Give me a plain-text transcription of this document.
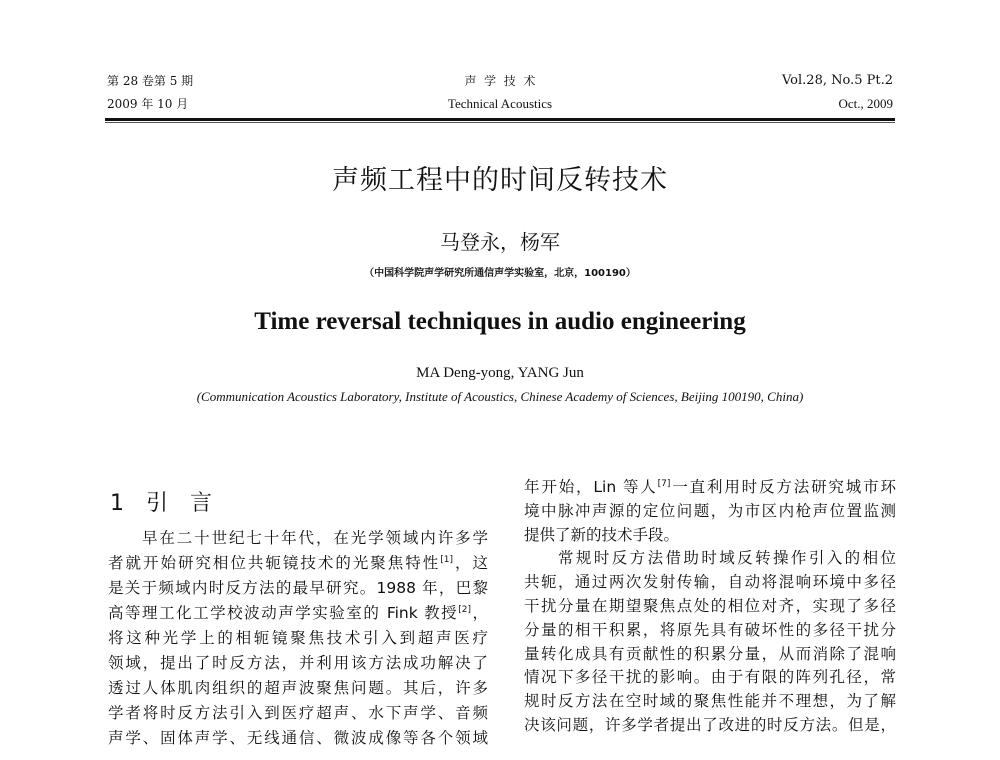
第 28 卷第 5 期
2009 年 10 月
声  学  技  术
Technical Acoustics
Vol.28, No.5 Pt.2
Oct., 2009
声频工程中的时间反转技术
马登永，杨军
（中国科学院声学研究所通信声学实验室，北京，100190）
Time reversal techniques in audio engineering
MA Deng-yong, YANG Jun
(Communication Acoustics Laboratory, Institute of Acoustics, Chinese Academy of Sciences, Beijing 100190, China)
1 引　言
早在二十世纪七十年代，在光学领域内许多学
者就开始研究相位共轭镜技术的光聚焦特性[1]，这
是关于频域内时反方法的最早研究。1988 年，巴黎
高等理工化工学校波动声学实验室的 Fink 教授[2]，
将这种光学上的相轭镜聚焦技术引入到超声医疗
领域，提出了时反方法，并利用该方法成功解决了
透过人体肌肉组织的超声波聚焦问题。其后，许多
学者将时反方法引入到医疗超声、水下声学、音频
声学、固体声学、无线通信、微波成像等各个领域
年开始，Lin 等人[7]一直利用时反方法研究城市环
境中脉冲声源的定位问题，为市区内枪声位置监测
提供了新的技术手段。
常规时反方法借助时域反转操作引入的相位
共轭，通过两次发射传输，自动将混响环境中多径
干扰分量在期望聚焦点处的相位对齐，实现了多径
分量的相干积累，将原先具有破坏性的多径干扰分
量转化成具有贡献性的积累分量，从而消除了混响
情况下多径干扰的影响。由于有限的阵列孔径，常
规时反方法在空时域的聚焦性能并不理想，为了解
决该问题，许多学者提出了改进的时反方法。但是，
